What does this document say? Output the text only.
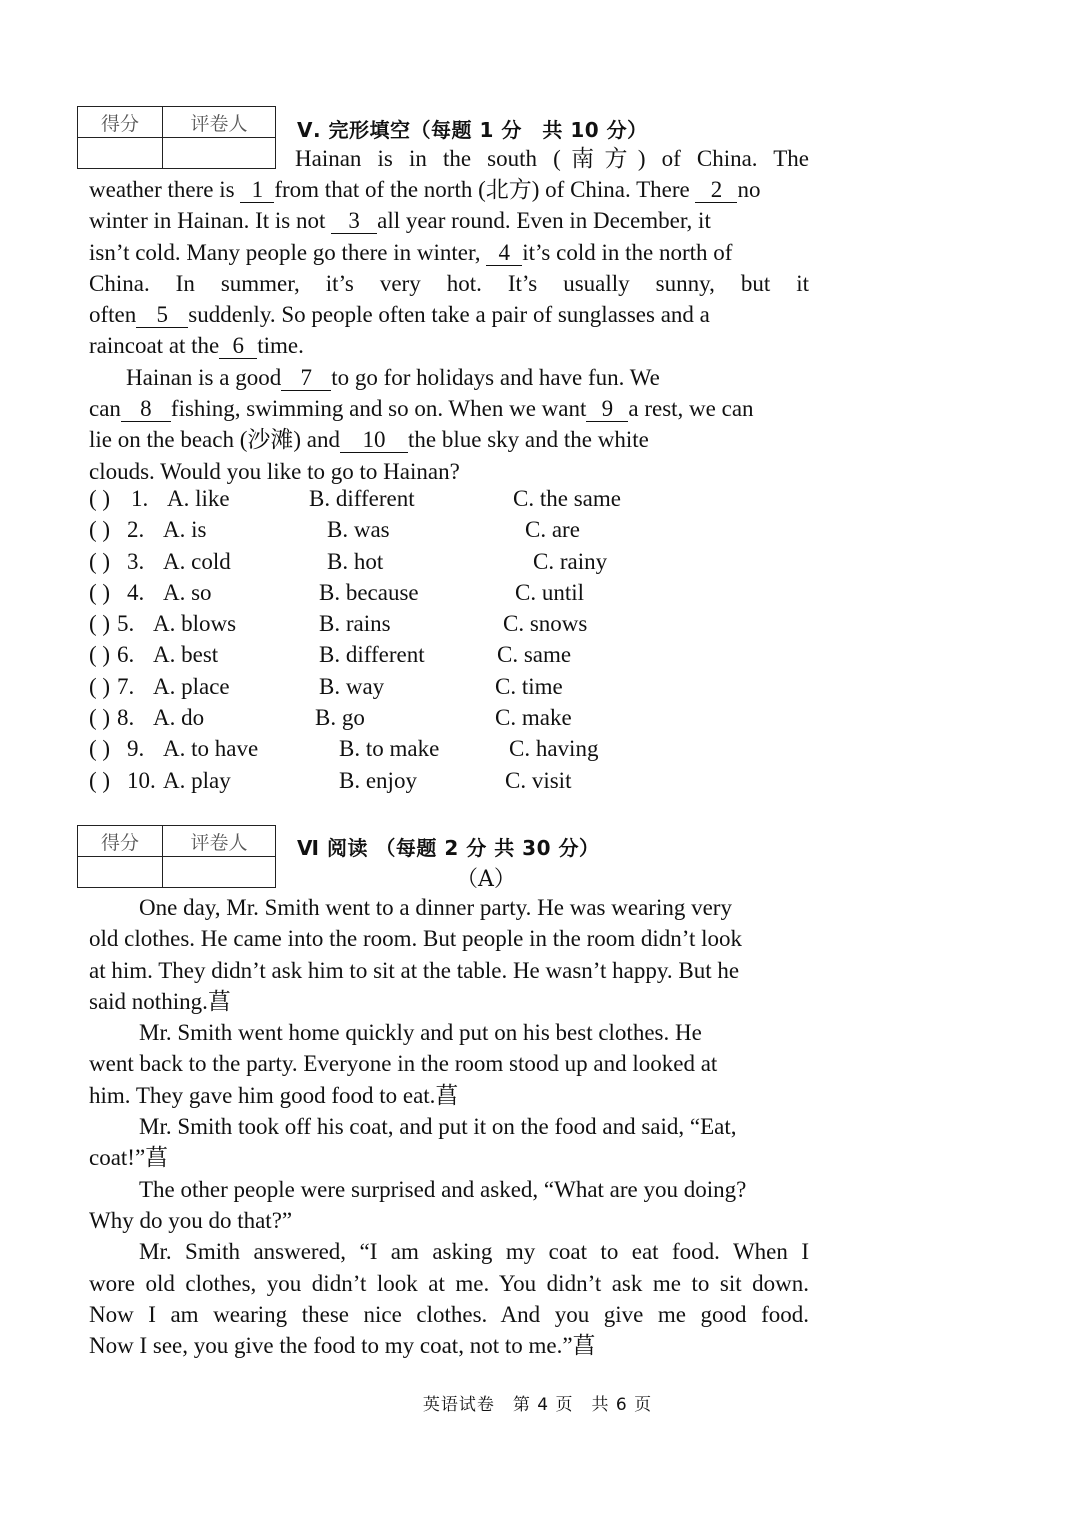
得分	评卷人
	Ⅴ. 完形填空（每题 1 分　共 10 分）
Hainan is in the south (南方) of China. The
weather there is 1 from that of the north (北方) of China. There 2 no
winter in Hainan. It is not 3 all year round. Even in December, it
isn’t cold. Many people go there in winter, 4 it’s cold in the north of
China. In summer, it’s very hot. It’s usually sunny, but it
often 5 suddenly. So people often take a pair of sunglasses and a
raincoat at the 6 time.
Hainan is a good 7 to go for holidays and have fun. We
can 8 fishing, swimming and so on. When we want 9 a rest, we can
lie on the beach (沙滩) and 10 the blue sky and the white
clouds. Would you like to go to Hainan?
( ) 1. A. like	B. different	C. the same
( ) 2. A. is	B. was	C. are
( ) 3. A. cold	B. hot	C. rainy
( ) 4. A. so	B. because	C. until
( ) 5. A. blows	B. rains	C. snows
( ) 6. A. best	B. different	C. same
( ) 7. A. place	B. way	C. time
( ) 8. A. do	B. go	C. make
( ) 9. A. to have	B. to make	C. having
( ) 10. A. play	B. enjoy	C. visit
得分	评卷人
	Ⅵ 阅读 （每题 2 分 共 30 分）
（A）
One day, Mr. Smith went to a dinner party. He was wearing very
old clothes. He came into the room. But people in the room didn’t look
at him. They didn’t ask him to sit at the table. He wasn’t happy. But he
said nothing.菖
Mr. Smith went home quickly and put on his best clothes. He
went back to the party. Everyone in the room stood up and looked at
him. They gave him good food to eat.菖
Mr. Smith took off his coat, and put it on the food and said, “Eat,
coat!”菖
The other people were surprised and asked, “What are you doing?
Why do you do that?”
Mr. Smith answered, “I am asking my coat to eat food. When I
wore old clothes, you didn’t look at me. You didn’t ask me to sit down.
Now I am wearing these nice clothes. And you give me good food.
Now I see, you give the food to my coat, not to me.”菖
英语试卷　第 4 页　共 6 页
